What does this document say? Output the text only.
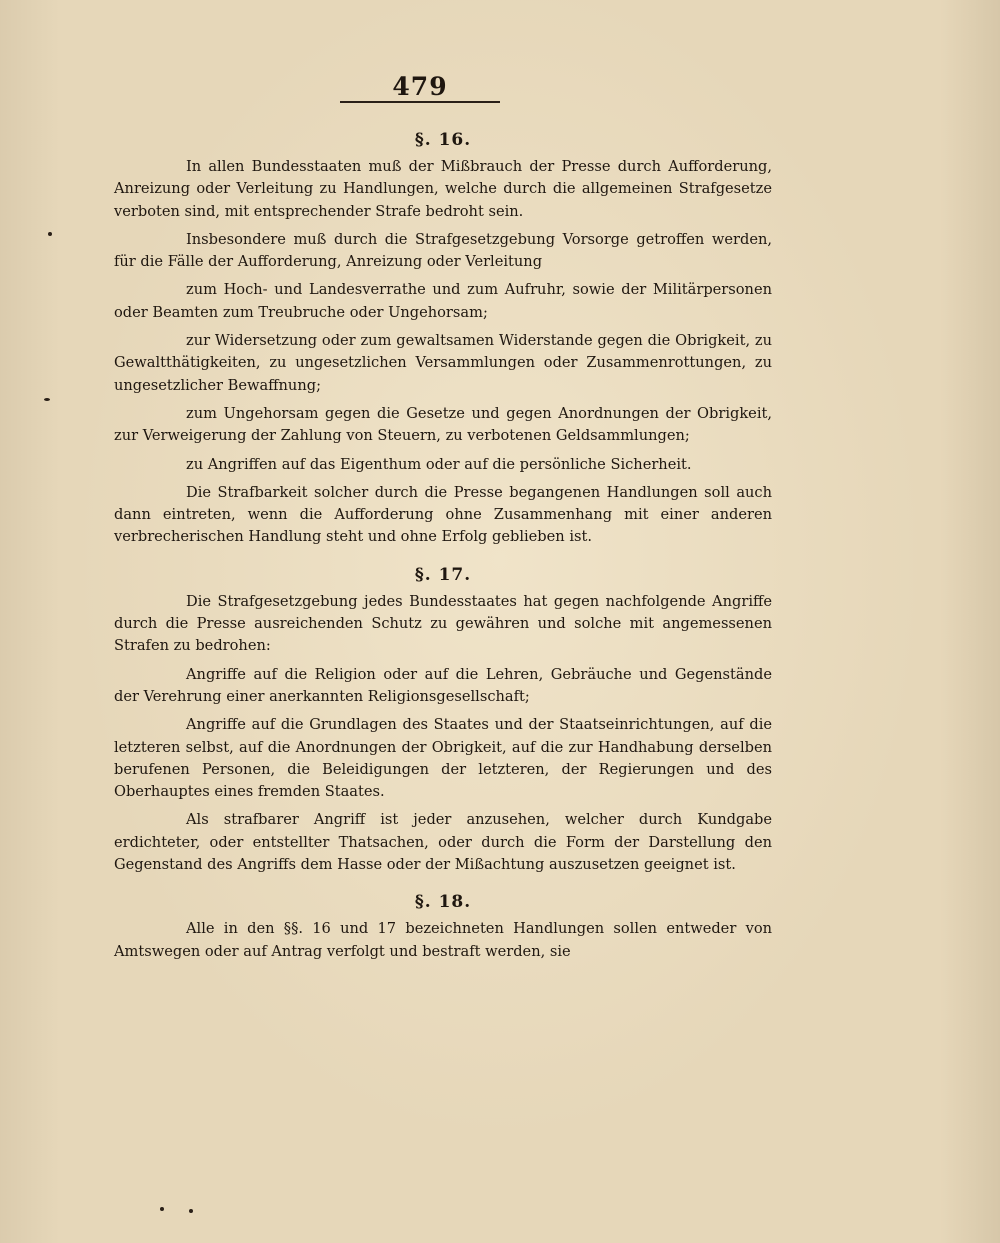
479
§. 16.

In allen Bundesstaaten muß der Mißbrauch der Presse durch Aufforderung, Anreizung oder Verleitung zu Handlungen, welche durch die allgemeinen Strafgesetze verboten sind, mit entsprechender Strafe bedroht sein.

Insbesondere muß durch die Strafgesetzgebung Vorsorge getroffen werden, für die Fälle der Aufforderung, Anreizung oder Verleitung

zum Hoch- und Landesverrathe und zum Aufruhr, sowie der Militärpersonen oder Beamten zum Treubruche oder Ungehorsam;

zur Widersetzung oder zum gewaltsamen Widerstande gegen die Obrigkeit, zu Gewaltthätigkeiten, zu ungesetzlichen Versammlungen oder Zusammenrottungen, zu ungesetzlicher Bewaffnung;

zum Ungehorsam gegen die Gesetze und gegen Anordnungen der Obrigkeit, zur Verweigerung der Zahlung von Steuern, zu verbotenen Geldsammlungen;

zu Angriffen auf das Eigenthum oder auf die persönliche Sicherheit.

Die Strafbarkeit solcher durch die Presse begangenen Handlungen soll auch dann eintreten, wenn die Aufforderung ohne Zusammenhang mit einer anderen verbrecherischen Handlung steht und ohne Erfolg geblieben ist.

§. 17.

Die Strafgesetzgebung jedes Bundesstaates hat gegen nachfolgende Angriffe durch die Presse ausreichenden Schutz zu gewähren und solche mit angemessenen Strafen zu bedrohen:

Angriffe auf die Religion oder auf die Lehren, Gebräuche und Gegenstände der Verehrung einer anerkannten Religionsgesellschaft;

Angriffe auf die Grundlagen des Staates und der Staatseinrichtungen, auf die letzteren selbst, auf die Anordnungen der Obrigkeit, auf die zur Handhabung derselben berufenen Personen, die Beleidigungen der letzteren, der Regierungen und des Oberhauptes eines fremden Staates.

Als strafbarer Angriff ist jeder anzusehen, welcher durch Kundgabe erdichteter, oder entstellter Thatsachen, oder durch die Form der Darstellung den Gegenstand des Angriffs dem Hasse oder der Mißachtung auszusetzen geeignet ist.

§. 18.

Alle in den §§. 16 und 17 bezeichneten Handlungen sollen entweder von Amtswegen oder auf Antrag verfolgt und bestraft werden, sie
